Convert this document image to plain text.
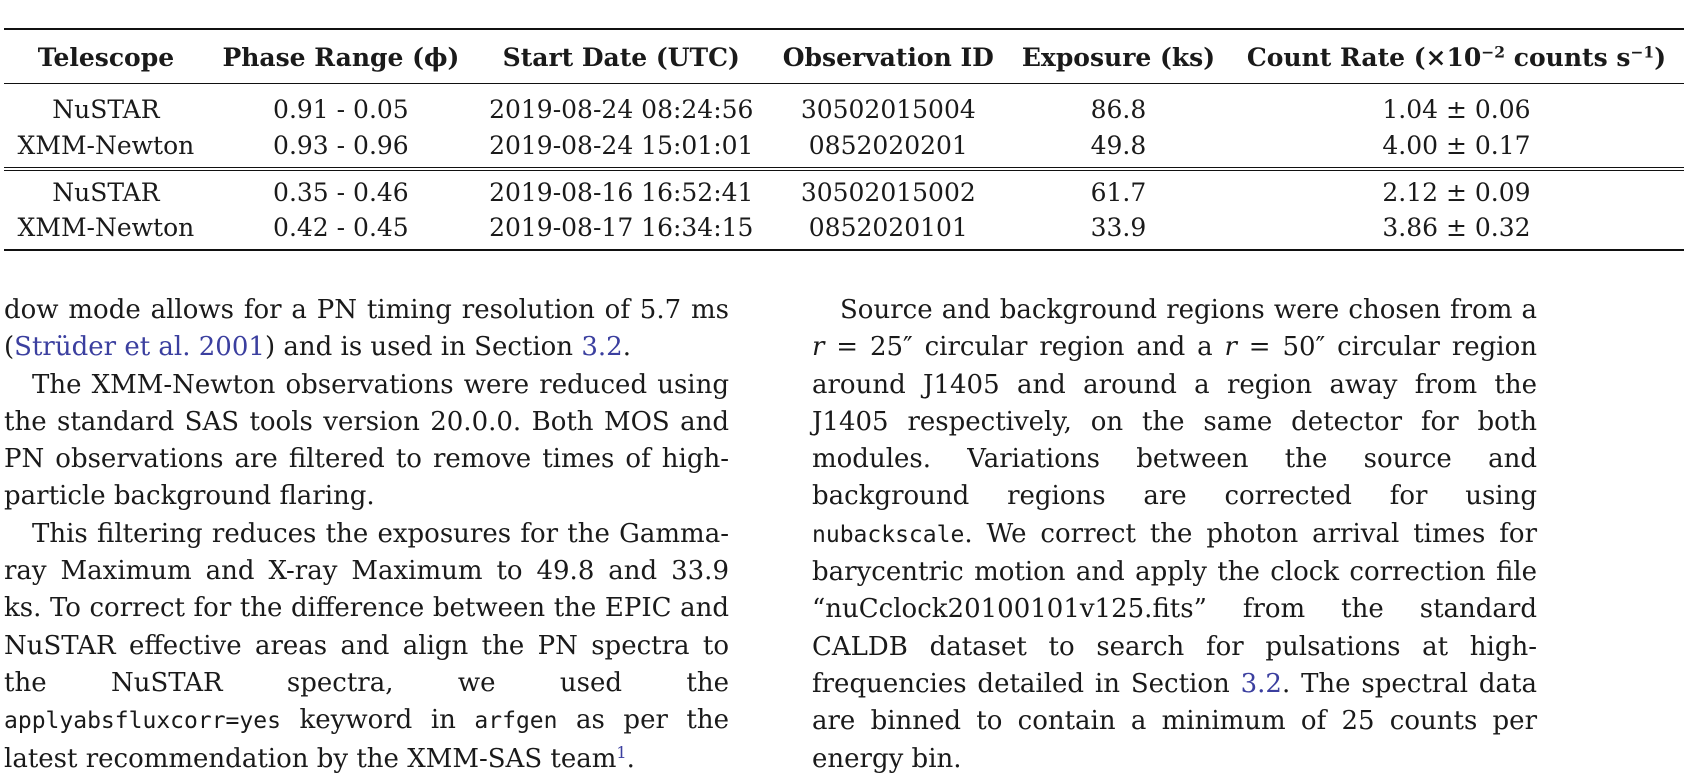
Telescope	Phase Range (ϕ)	Start Date (UTC)	Observation ID	Exposure (ks)	Count Rate ($\times 10^{-2}$ counts $s^{-1}$)
NuSTAR	0.91 - 0.05	2019-08-24 08:24:56	30502015004	86.8	1.04 ± 0.06
XMM-Newton	0.93 - 0.96	2019-08-24 15:01:01	0852020201	49.8	4.00 ± 0.17
NuSTAR	0.35 - 0.46	2019-08-16 16:52:41	30502015002	61.7	2.12 ± 0.09
XMM-Newton	0.42 - 0.45	2019-08-17 16:34:15	0852020101	33.9	3.86 ± 0.32

dow mode allows for a PN timing resolution of 5.7 ms (Strüder et al. 2001) and is used in Section 3.2.

The XMM-Newton observations were reduced using the standard SAS tools version 20.0.0. Both MOS and PN observations are filtered to remove times of high-particle background flaring.

This filtering reduces the exposures for the Gamma-ray Maximum and X-ray Maximum to 49.8 and 33.9 ks. To correct for the difference between the EPIC and NuSTAR effective areas and align the PN spectra to the NuSTAR spectra, we used the applyabsfluxcorr=yes keyword in arfgen as per the latest recommendation by the XMM-SAS team$^1$.

Source and background regions were chosen from a r = 25″ circular region and a r = 50″ circular region around J1405 and around a region away from the J1405 respectively, on the same detector for both modules. Variations between the source and background regions are corrected for using nubackscale. We correct the photon arrival times for barycentric motion and apply the clock correction file “nuCclock20100101v125.fits” from the standard CALDB dataset to search for pulsations at high-frequencies detailed in Section 3.2. The spectral data are binned to contain a minimum of 25 counts per energy bin.
